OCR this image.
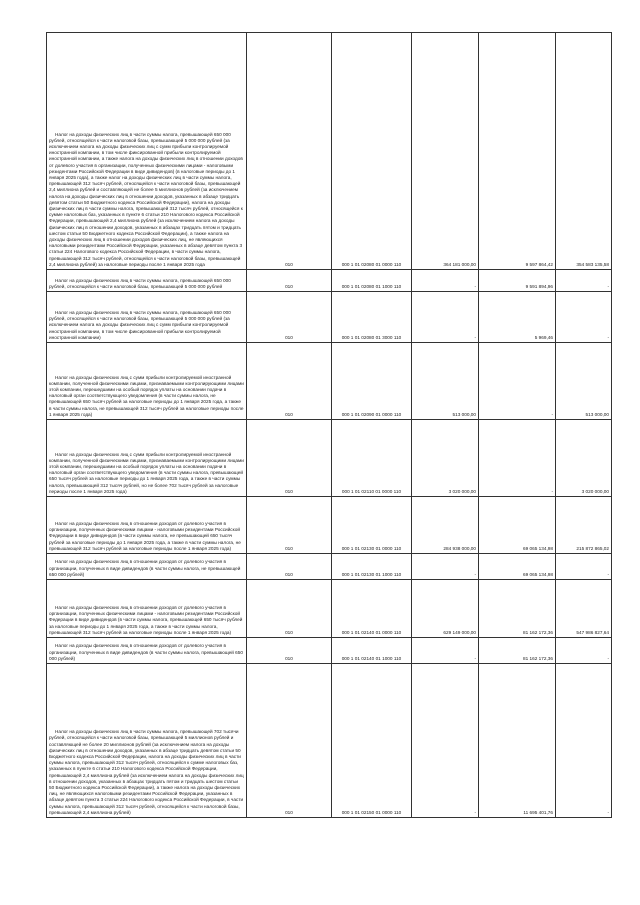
Налог на доходы физических лиц в части суммы налога, превышающей 650 000 рублей, относящейся к части налоговой базы, превышающей 5 000 000 рублей (за исключением налога на доходы физических лиц с сумм прибыли контролируемой иностранной компании, в том числе фиксированной прибыли контролируемой иностранной компании, а также налога на доходы физических лиц в отношении доходов от долевого участия в организации, полученных физическими лицами - налоговыми резидентами Российской Федерации в виде дивидендов) (в налоговые периоды до 1 января 2025 года), а также налог на доходы физических лиц в части суммы налога, превышающей 312 тысяч рублей, относящейся к части налоговой базы, превышающей 2,4 миллиона рублей и составляющей не более 5 миллионов рублей (за исключением налога на доходы физических лиц в отношении доходов, указанных в абзаце тридцать девятом статьи 50 Бюджетного кодекса Российской Федерации), налога на доходы физических лиц в части суммы налога, превышающей 312 тысяч рублей, относящейся к сумме налоговых баз, указанных в пункте 6 статьи 210 Налогового кодекса Российской Федерации, превышающей 2,4 миллиона рублей (за исключением налога на доходы физических лиц в отношении доходов, указанных в абзацах тридцать пятом и тридцать шестом статьи 50 Бюджетного кодекса Российской Федерации), а также налога на доходы физических лиц в отношении доходов физических лиц, не являющихся налоговыми резидентами Российской Федерации, указанных в абзаце девятом пункта 3 статьи 224 Налогового кодекса Российской Федерации, в части суммы налога, превышающей 312 тысяч рублей, относящейся к части налоговой базы, превышающей 2,4 миллиона рублей) за налоговые периоды после 1 января 2025 года	010	000 1 01 02080 01 0000 110	364 181 000,00	9 597 864,42	354 583 135,58
Налог на доходы физических лиц в части суммы налога, превышающей 650 000 рублей, относящейся к части налоговой базы, превышающей 5 000 000 рублей	010	000 1 01 02080 01 1000 110	-	9 591 894,96	-
Налог на доходы физических лиц в части суммы налога, превышающей 650 000 рублей, относящейся к части налоговой базы, превышающей 5 000 000 рублей (за исключением налога на доходы физических лиц с сумм прибыли контролируемой иностранной компании, в том числе фиксированной прибыли контролируемой иностранной компании)	010	000 1 01 02080 01 3000 110	-	5 969,46	-
Налог на доходы физических лиц с сумм прибыли контролируемой иностранной компании, полученной физическими лицами, признаваемыми контролирующими лицами этой компании, перешедшими на особый порядок уплаты на основании подачи в налоговый орган соответствующего уведомления (в части суммы налога, не превышающей 650 тысяч рублей за налоговые периоды до 1 января 2025 года, а также в части суммы налога, не превышающей 312 тысяч рублей за налоговые периоды после 1 января 2025 года)	010	000 1 01 02090 01 0000 110	513 000,00	-	513 000,00
Налог на доходы физических лиц с сумм прибыли контролируемой иностранной компании, полученной физическими лицами, признаваемыми контролирующими лицами этой компании, перешедшими на особый порядок уплаты на основании подачи в налоговый орган соответствующего уведомления (в части суммы налога, превышающей 650 тысяч рублей за налоговые периоды до 1 января 2025 года, а также в части суммы налога, превышающей 312 тысяч рублей, но не более 702 тысяч рублей за налоговые периоды после 1 января 2025 года)	010	000 1 01 02110 01 0000 110	3 020 000,00	-	3 020 000,00
Налог на доходы физических лиц в отношении доходов от долевого участия в организации, полученных физическими лицами - налоговыми резидентами Российской Федерации в виде дивидендов (в части суммы налога, не превышающей 650 тысяч рублей за налоговые периоды до 1 января 2025 года, а также в части суммы налога, не превышающей 312 тысяч рублей за налоговые периоды после 1 января 2025 года)	010	000 1 01 02130 01 0000 110	284 938 000,00	69 065 134,98	215 872 865,02
Налог на доходы физических лиц в отношении доходов от долевого участия в организации, полученных в виде дивидендов (в части суммы налога, не превышающей 650 000 рублей)	010	000 1 01 02130 01 1000 110	-	69 065 134,98	-
Налог на доходы физических лиц в отношении доходов от долевого участия в организации, полученных физическими лицами - налоговыми резидентами Российской Федерации в виде дивидендов (в части суммы налога, превышающей 650 тысяч рублей за налоговые периоды до 1 января 2025 года, а также в части суммы налога, превышающей 312 тысяч рублей за налоговые периоды после 1 января 2025 года)	010	000 1 01 02140 01 0000 110	629 149 000,00	81 162 172,36	547 986 827,64
Налог на доходы физических лиц в отношении доходов от долевого участия в организации, полученных в виде дивидендов (в части суммы налога, превышающей 650 000 рублей)	010	000 1 01 02140 01 1000 110	-	81 162 172,36	-
Налог на доходы физических лиц в части суммы налога, превышающей 702 тысячи рублей, относящейся к части налоговой базы, превышающей 5 миллионов рублей и составляющей не более 20 миллионов рублей (за исключением налога на доходы физических лиц в отношении доходов, указанных в абзаце тридцать девятом статьи 50 Бюджетного кодекса Российской Федерации, налога на доходы физических лиц в части суммы налога, превышающей 312 тысяч рублей, относящейся к сумме налоговых баз, указанных в пункте 6 статьи 210 Налогового кодекса Российской Федерации, превышающей 2,4 миллиона рублей (за исключением налога на доходы физических лиц в отношении доходов, указанных в абзацах тридцать пятом и тридцать шестом статьи 50 Бюджетного кодекса Российской Федерации), а также налога на доходы физических лиц, не являющихся налоговыми резидентами Российской Федерации, указанных в абзаце девятом пункта 3 статьи 224 Налогового кодекса Российской Федерации, в части суммы налога, превышающей 312 тысяч рублей, относящейся к части налоговой базы, превышающей 2,4 миллиона рублей)	010	000 1 01 02150 01 0000 110	-	11 695 401,76	-
